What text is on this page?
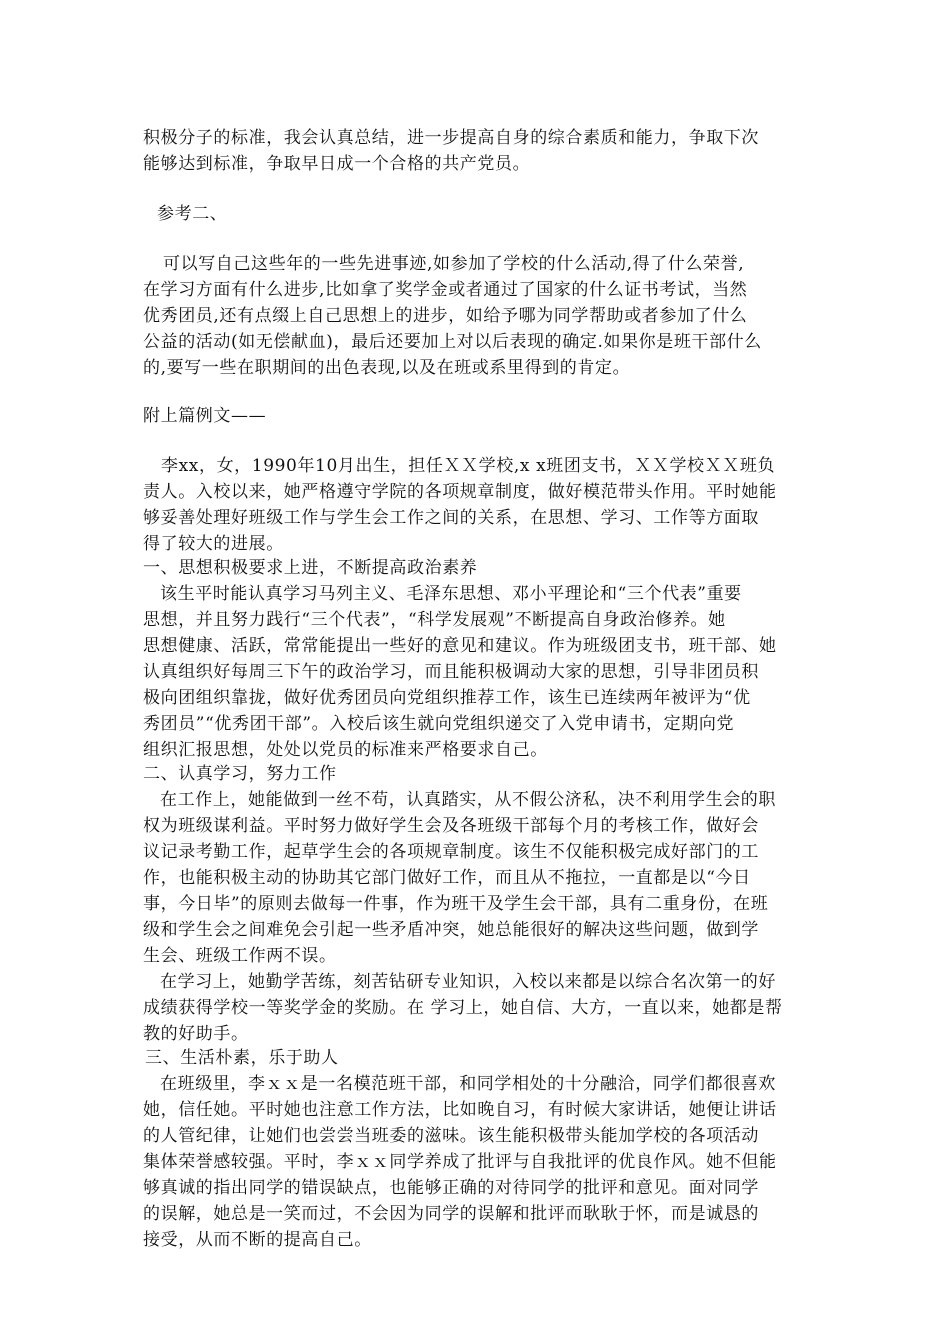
积极分子的标准，我会认真总结，进一步提高自身的综合素质和能力，争取下次

能够达到标准，争取早日成一个合格的共产党员。

参考二、

可以写自己这些年的一些先进事迹,如参加了学校的什么活动,得了什么荣誉,

在学习方面有什么进步,比如拿了奖学金或者通过了国家的什么证书考试，当然

优秀团员,还有点缀上自己思想上的进步，如给予哪为同学帮助或者参加了什么

公益的活动(如无偿献血)，最后还要加上对以后表现的确定.如果你是班干部什么

的,要写一些在职期间的出色表现,以及在班或系里得到的肯定。

附上篇例文——

李xx，女，1990年10月出生，担任ＸＸ学校,x x班团支书，ＸＸ学校ＸＸ班负

责人。入校以来，她严格遵守学院的各项规章制度，做好模范带头作用。平时她能

够妥善处理好班级工作与学生会工作之间的关系，在思想、学习、工作等方面取

得了较大的进展。

一、思想积极要求上进，不断提高政治素养

该生平时能认真学习马列主义、毛泽东思想、邓小平理论和“三个代表”重要

思想，并且努力践行“三个代表”，“科学发展观”不断提高自身政治修养。她

思想健康、活跃，常常能提出一些好的意见和建议。作为班级团支书，班干部、她

认真组织好每周三下午的政治学习，而且能积极调动大家的思想，引导非团员积

极向团组织靠拢，做好优秀团员向党组织推荐工作，该生已连续两年被评为“优

秀团员”“优秀团干部”。入校后该生就向党组织递交了入党申请书，定期向党

组织汇报思想，处处以党员的标准来严格要求自己。

二、认真学习，努力工作

在工作上，她能做到一丝不苟，认真踏实，从不假公济私，决不利用学生会的职

权为班级谋利益。平时努力做好学生会及各班级干部每个月的考核工作，做好会

议记录考勤工作，起草学生会的各项规章制度。该生不仅能积极完成好部门的工

作，也能积极主动的协助其它部门做好工作，而且从不拖拉，一直都是以“今日

事，今日毕”的原则去做每一件事，作为班干及学生会干部，具有二重身份，在班

级和学生会之间难免会引起一些矛盾冲突，她总能很好的解决这些问题，做到学

生会、班级工作两不误。

在学习上，她勤学苦练，刻苦钻研专业知识，入校以来都是以综合名次第一的好

成绩获得学校一等奖学金的奖励。在 学习上，她自信、大方，一直以来，她都是帮

教的好助手。

三、生活朴素，乐于助人

在班级里，李ｘｘ是一名模范班干部，和同学相处的十分融洽，同学们都很喜欢

她，信任她。平时她也注意工作方法，比如晚自习，有时候大家讲话，她便让讲话

的人管纪律，让她们也尝尝当班委的滋味。该生能积极带头能加学校的各项活动

集体荣誉感较强。平时，李ｘｘ同学养成了批评与自我批评的优良作风。她不但能

够真诚的指出同学的错误缺点，也能够正确的对待同学的批评和意见。面对同学

的误解，她总是一笑而过，不会因为同学的误解和批评而耿耿于怀，而是诚恳的

接受，从而不断的提高自己。
